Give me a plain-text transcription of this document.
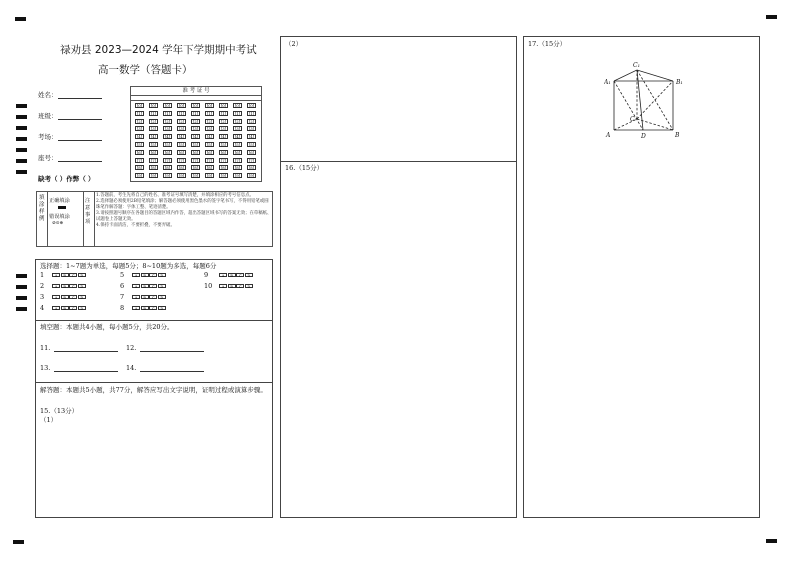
禄劝县 2023—2024 学年下学期期中考试
高一数学（答题卡）
姓名：
班级：
考场：
座号：
缺考（ ）作弊（ ）
准 考 证 号
[0]	[0]	[0]	[0]	[0]	[0]	[0]	[0]	[0]
[1]	[1]	[1]	[1]	[1]	[1]	[1]	[1]	[1]
[2]	[2]	[2]	[2]	[2]	[2]	[2]	[2]	[2]
[3]	[3]	[3]	[3]	[3]	[3]	[3]	[3]	[3]
[4]	[4]	[4]	[4]	[4]	[4]	[4]	[4]	[4]
[5]	[5]	[5]	[5]	[5]	[5]	[5]	[5]	[5]
[6]	[6]	[6]	[6]	[6]	[6]	[6]	[6]	[6]
[7]	[7]	[7]	[7]	[7]	[7]	[7]	[7]	[7]
[8]	[8]	[8]	[8]	[8]	[8]	[8]	[8]	[8]
[9]	[9]	[9]	[9]	[9]	[9]	[9]	[9]	[9]
填涂样例
正确填涂
错误填涂
⊘⊙⊕
注意事项
1.答题前，考生先将自己的姓名、准考证号填写清楚，并填涂相应的考号信息点。
2.选择题必须使用2B铅笔填涂；解答题必须使用黑色墨水的签字笔书写，不得用铅笔或圆珠笔作解答题：字体工整、笔迹清楚。
3.请按照题号顺序在各题目的答题区域内作答，超出答题区域书写的答案无效；在草稿纸、试题卷上答题无效。
4.保持卡面清洁，不要折叠，不要弄破。
选择题：1~7题为单选，每题5分；8~10题为多选，每题6分
1	A B C D
2	A B C D
3	A B C D
4	A B C D
5	A B C D
6	A B C D
7	A B C D
8	A B C D
9	A B C D
10	A B C D
填空题：本题共4小题，每小题5分，共20分。
11.	12.
13.	14.
解答题：本题共5小题，共77分，解答应写出文字说明，证明过程或演算步骤。
15.（13分）
（1）
（2）
16.（15分）
17.（15分）
C₁
A₁	B₁
C
A	D	B
